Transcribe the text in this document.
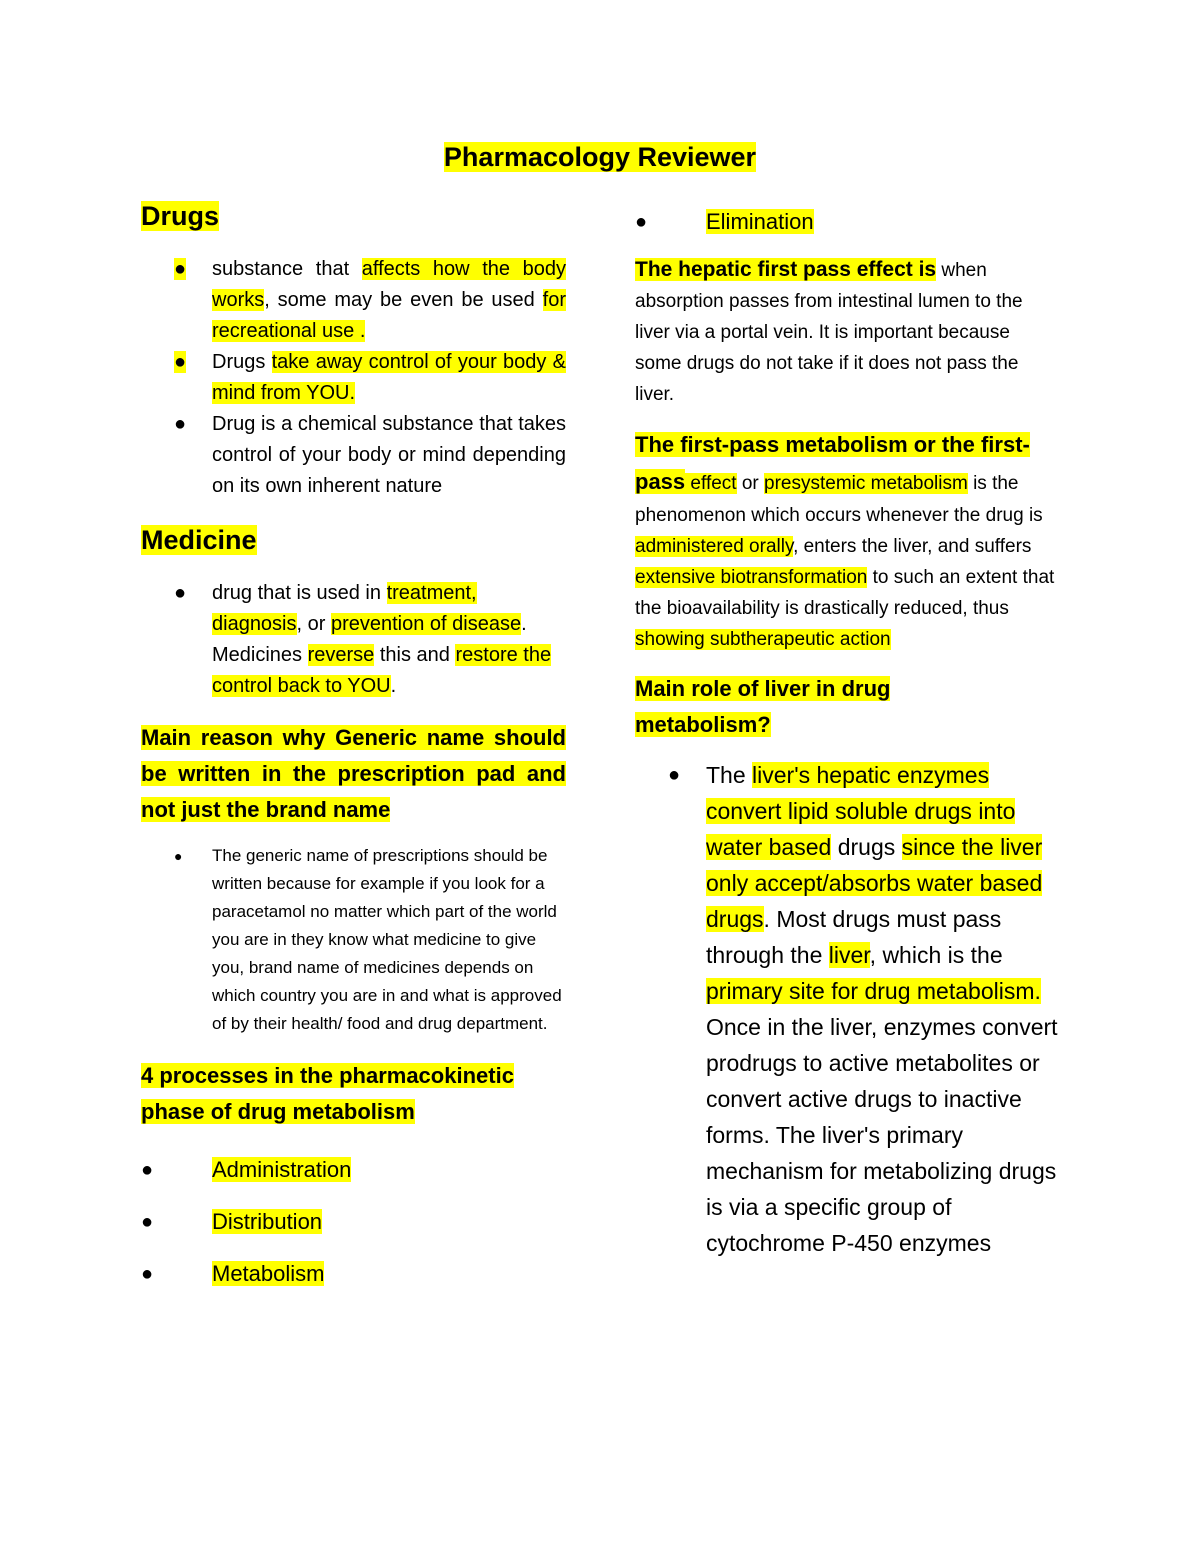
Pharmacology Reviewer
Drugs
● substance that affects how the body works, some may be even be used for recreational use .
● Drugs take away control of your body & mind from YOU.
● Drug is a chemical substance that takes control of your body or mind depending on its own inherent nature
Medicine
● drug that is used in treatment, diagnosis, or prevention of disease. Medicines reverse this and restore the control back to YOU.
Main reason why Generic name should be written in the prescription pad and not just the brand name
● The generic name of prescriptions should be written because for example if you look for a paracetamol no matter which part of the world you are in they know what medicine to give you, brand name of medicines depends on which country you are in and what is approved of by their health/ food and drug department.
4 processes in the pharmacokinetic phase of drug metabolism
●	Administration
●	Distribution
●	Metabolism
●	Elimination
The hepatic first pass effect is when absorption passes from intestinal lumen to the liver via a portal vein. It is important because some drugs do not take if it does not pass the liver.
The first-pass metabolism or the first-pass effect or presystemic metabolism is the phenomenon which occurs whenever the drug is administered orally, enters the liver, and suffers extensive biotransformation to such an extent that the bioavailability is drastically reduced, thus showing subtherapeutic action
Main role of liver in drug metabolism?
● The liver's hepatic enzymes convert lipid soluble drugs into water based drugs since the liver only accept/absorbs water based drugs. Most drugs must pass through the liver, which is the primary site for drug metabolism. Once in the liver, enzymes convert prodrugs to active metabolites or convert active drugs to inactive forms. The liver's primary mechanism for metabolizing drugs is via a specific group of cytochrome P-450 enzymes
